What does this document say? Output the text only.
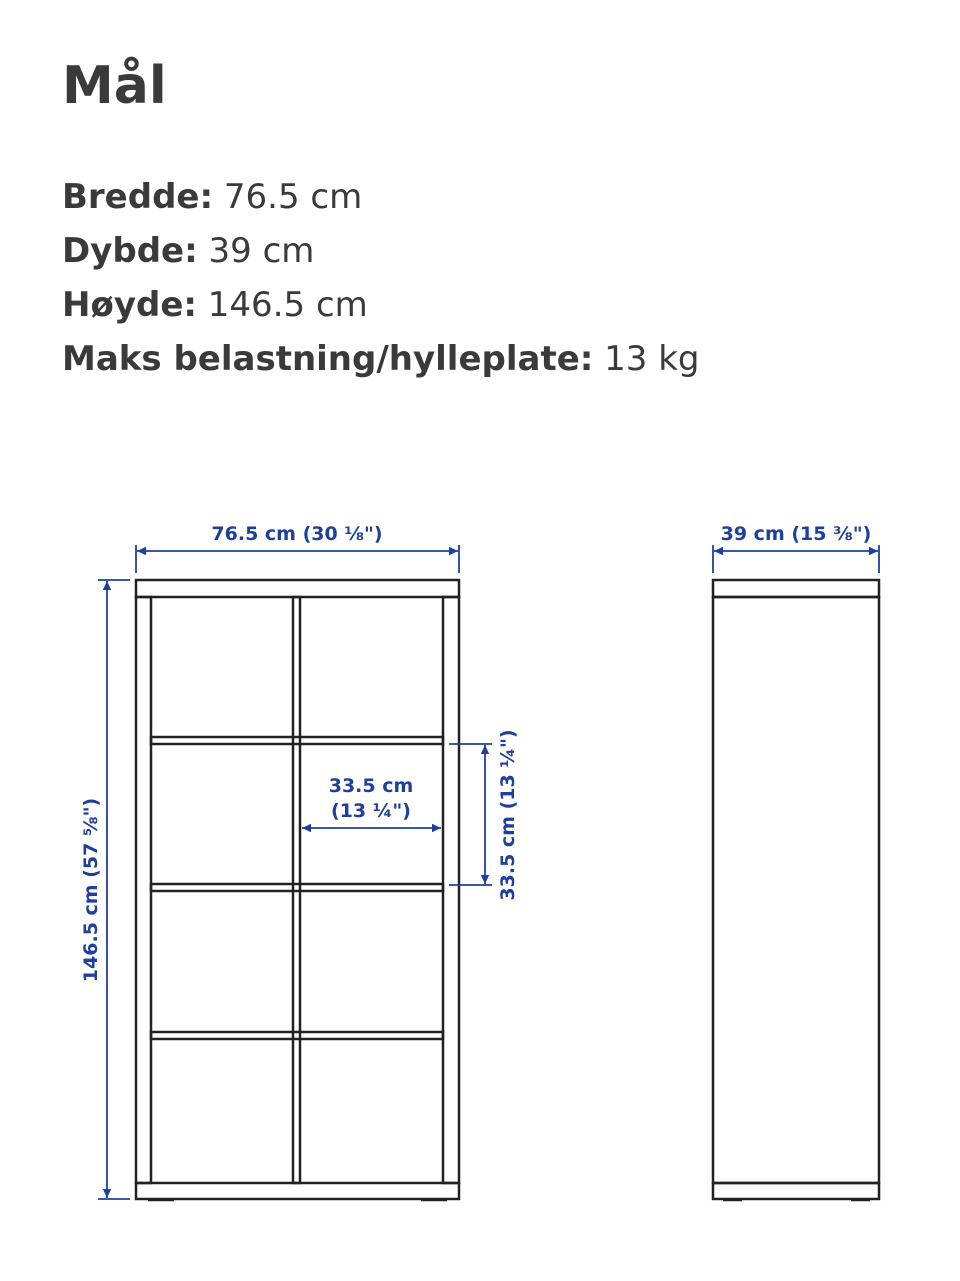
Mål
Bredde: 76.5 cm
Dybde: 39 cm
Høyde: 146.5 cm
Maks belastning/hylleplate: 13 kg
76.5 cm (30 ⅛")	39 cm (15 ⅜")
146.5 cm (57 ⅝")
33.5 cm
(13 ¼")	33.5 cm (13 ¼")
